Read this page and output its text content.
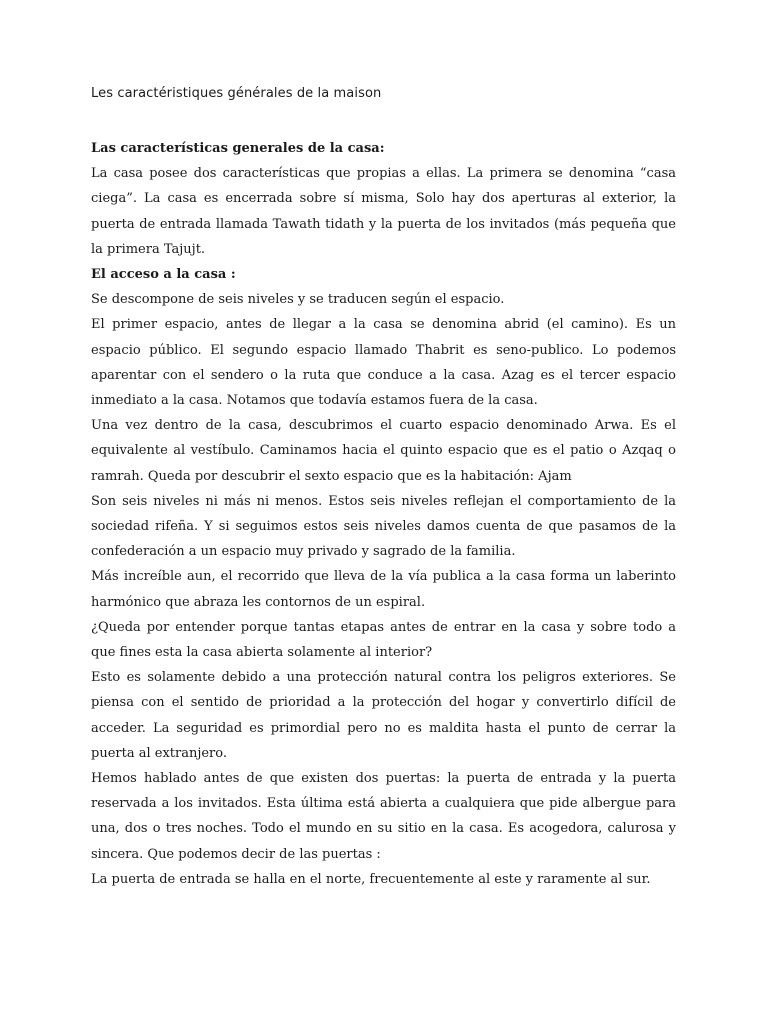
Les caractéristiques générales de la maison
Las características generales de la casa:

La casa posee dos características que propias a ellas. La primera se denomina “casa ciega”. La casa es encerrada sobre sí misma, Solo hay dos aperturas al exterior, la puerta de entrada llamada Tawath tidath y la puerta de los invitados (más pequeña que la primera Tajujt.

El acceso a la casa :

Se descompone de seis niveles y se traducen según el espacio.

El primer espacio, antes de llegar a la casa se denomina abrid (el camino). Es un espacio público. El segundo espacio llamado Thabrit es seno-publico. Lo podemos aparentar con el sendero o la ruta que conduce a la casa. Azag es el tercer espacio inmediato a la casa. Notamos que todavía estamos fuera de la casa.

Una vez dentro de la casa, descubrimos el cuarto espacio denominado Arwa. Es el equivalente al vestíbulo. Caminamos hacia el quinto espacio que es el patio o Azqaq o ramrah. Queda por descubrir el sexto espacio que es la habitación: Ajam

Son seis niveles ni más ni menos. Estos seis niveles reflejan el comportamiento de la sociedad rifeña. Y si seguimos estos seis niveles damos cuenta de que pasamos de la confederación a un espacio muy privado y sagrado de la familia.

Más increíble aun, el recorrido que lleva de la vía publica a la casa forma un laberinto harmónico que abraza les contornos de un espiral.

¿Queda por entender porque tantas etapas antes de entrar en la casa y sobre todo a que fines esta la casa abierta solamente al interior?

Esto es solamente debido a una protección natural contra los peligros exteriores. Se piensa con el sentido de prioridad a la protección del hogar y convertirlo difícil de acceder. La seguridad es primordial pero no es maldita hasta el punto de cerrar la puerta al extranjero.

Hemos hablado antes de que existen dos puertas: la puerta de entrada y la puerta reservada a los invitados. Esta última está abierta a cualquiera que pide albergue para una, dos o tres noches. Todo el mundo en su sitio en la casa. Es acogedora, calurosa y sincera. Que podemos decir de las puertas :

La puerta de entrada se halla en el norte, frecuentemente al este y raramente al sur.
